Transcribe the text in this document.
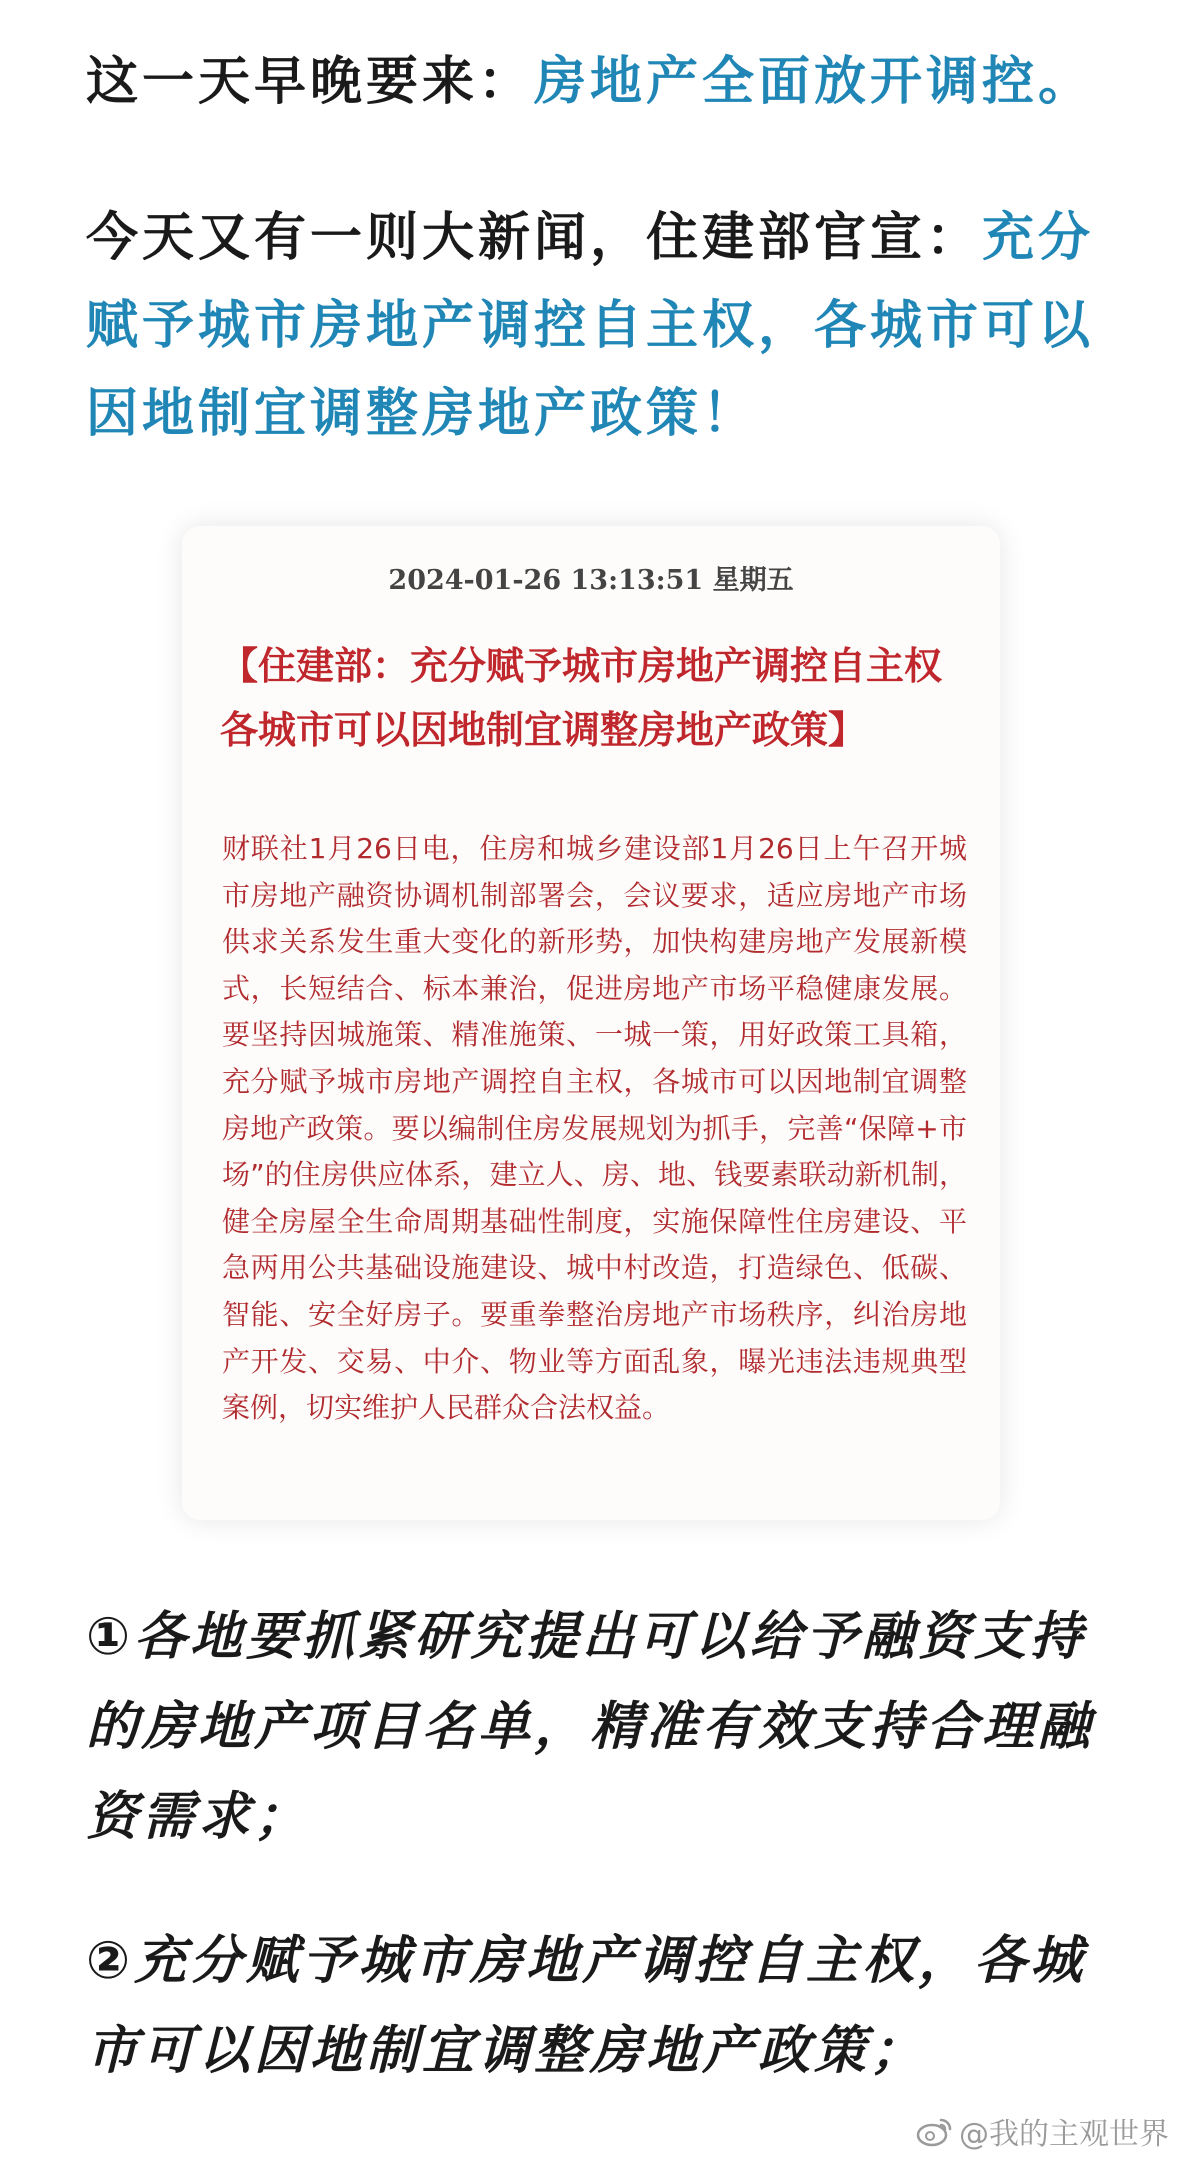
这一天早晚要来：房地产全面放开调控。

今天又有一则大新闻，住建部官宣：充分赋予城市房地产调控自主权，各城市可以因地制宜调整房地产政策！

2024-01-26 13:13:51 星期五

【住建部：充分赋予城市房地产调控自主权 各城市可以因地制宜调整房地产政策】

财联社1月26日电，住房和城乡建设部1月26日上午召开城市房地产融资协调机制部署会，会议要求，适应房地产市场供求关系发生重大变化的新形势，加快构建房地产发展新模式，长短结合、标本兼治，促进房地产市场平稳健康发展。要坚持因城施策、精准施策、一城一策，用好政策工具箱，充分赋予城市房地产调控自主权，各城市可以因地制宜调整房地产政策。要以编制住房发展规划为抓手，完善“保障+市场”的住房供应体系，建立人、房、地、钱要素联动新机制，健全房屋全生命周期基础性制度，实施保障性住房建设、平急两用公共基础设施建设、城中村改造，打造绿色、低碳、智能、安全好房子。要重拳整治房地产市场秩序，纠治房地产开发、交易、中介、物业等方面乱象，曝光违法违规典型案例，切实维护人民群众合法权益。

①各地要抓紧研究提出可以给予融资支持的房地产项目名单，精准有效支持合理融资需求；

②充分赋予城市房地产调控自主权，各城市可以因地制宜调整房地产政策；

@我的主观世界
